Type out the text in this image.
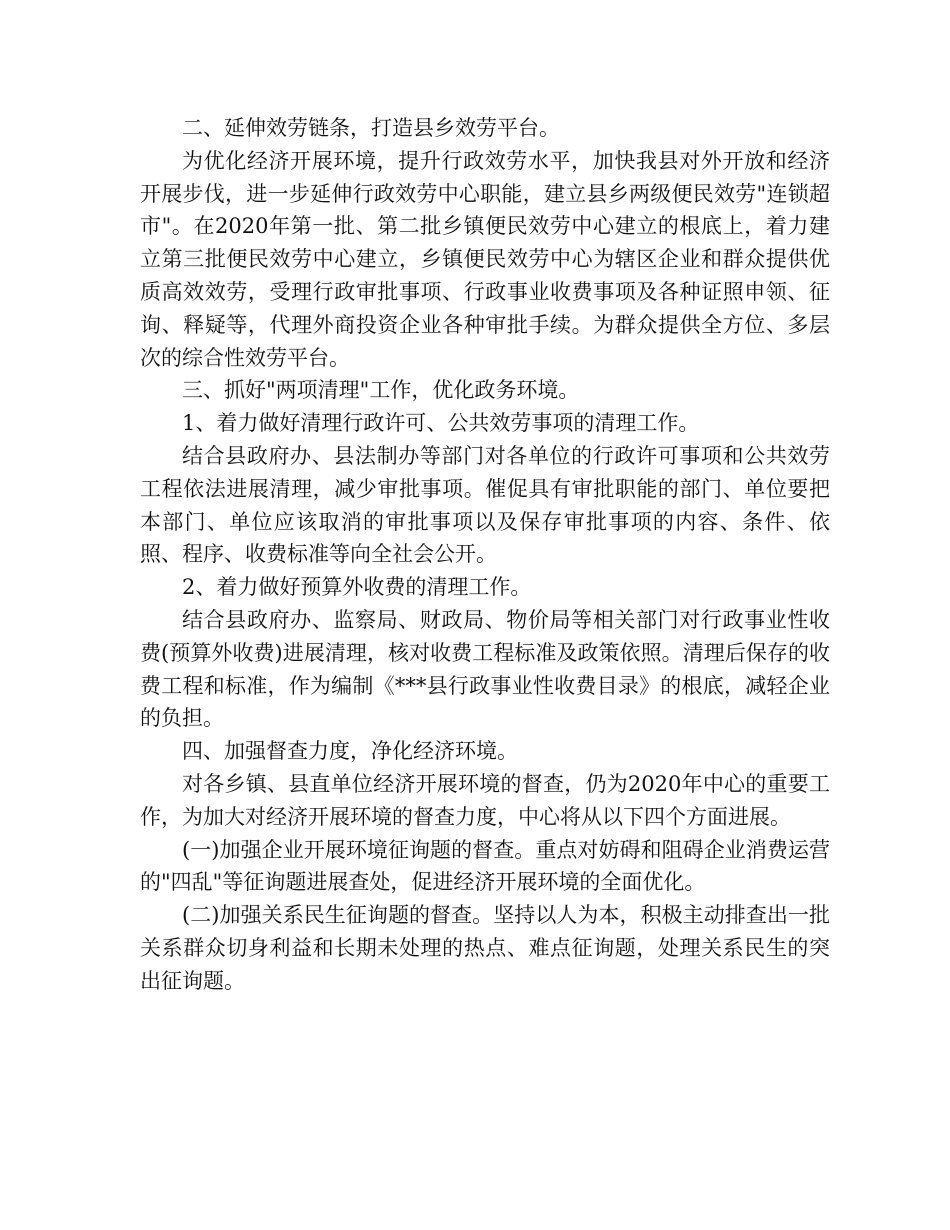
二、延伸效劳链条，打造县乡效劳平台。

为优化经济开展环境，提升行政效劳水平，加快我县对外开放和经济开展步伐，进一步延伸行政效劳中心职能，建立县乡两级便民效劳"连锁超市"。在2020年第一批、第二批乡镇便民效劳中心建立的根底上，着力建立第三批便民效劳中心建立，乡镇便民效劳中心为辖区企业和群众提供优质高效效劳，受理行政审批事项、行政事业收费事项及各种证照申领、征询、释疑等，代理外商投资企业各种审批手续。为群众提供全方位、多层次的综合性效劳平台。

三、抓好"两项清理"工作，优化政务环境。

1、着力做好清理行政许可、公共效劳事项的清理工作。

结合县政府办、县法制办等部门对各单位的行政许可事项和公共效劳工程依法进展清理，减少审批事项。催促具有审批职能的部门、单位要把本部门、单位应该取消的审批事项以及保存审批事项的内容、条件、依照、程序、收费标准等向全社会公开。

2、着力做好预算外收费的清理工作。

结合县政府办、监察局、财政局、物价局等相关部门对行政事业性收费(预算外收费)进展清理，核对收费工程标准及政策依照。清理后保存的收费工程和标准，作为编制《***县行政事业性收费目录》的根底，减轻企业的负担。

四、加强督查力度，净化经济环境。

对各乡镇、县直单位经济开展环境的督查，仍为2020年中心的重要工作，为加大对经济开展环境的督查力度，中心将从以下四个方面进展。

(一)加强企业开展环境征询题的督查。重点对妨碍和阻碍企业消费运营的"四乱"等征询题进展查处，促进经济开展环境的全面优化。

(二)加强关系民生征询题的督查。坚持以人为本，积极主动排查出一批关系群众切身利益和长期未处理的热点、难点征询题，处理关系民生的突出征询题。
